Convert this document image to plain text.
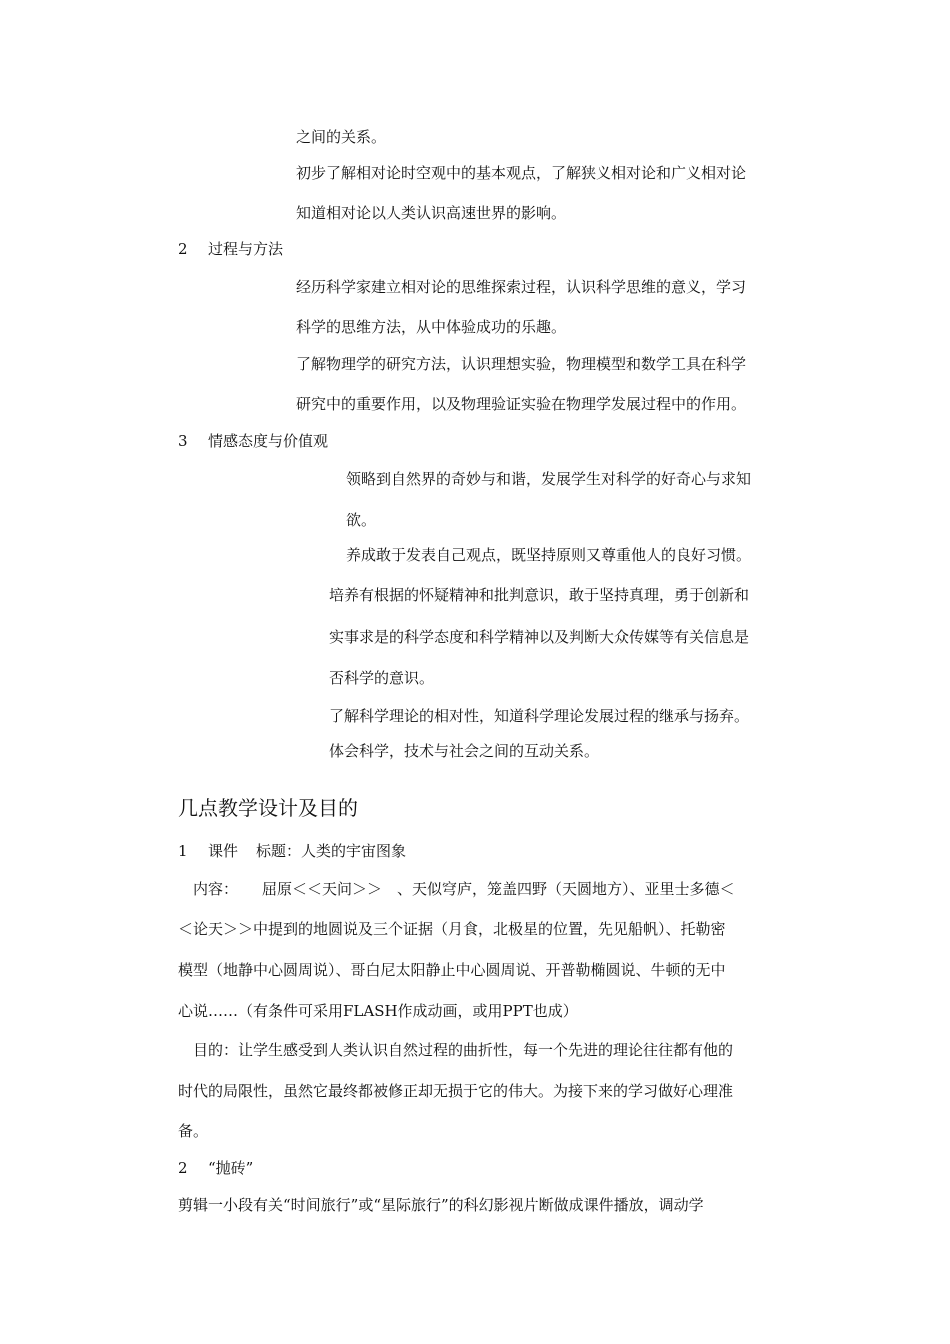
之间的关系。
初步了解相对论时空观中的基本观点，了解狭义相对论和广义相对论
知道相对论以人类认识高速世界的影响。
2 过程与方法
经历科学家建立相对论的思维探索过程，认识科学思维的意义，学习
科学的思维方法，从中体验成功的乐趣。
了解物理学的研究方法，认识理想实验，物理模型和数学工具在科学
研究中的重要作用，以及物理验证实验在物理学发展过程中的作用。
3 情感态度与价值观
领略到自然界的奇妙与和谐，发展学生对科学的好奇心与求知
欲。
养成敢于发表自己观点，既坚持原则又尊重他人的良好习惯。
培养有根据的怀疑精神和批判意识，敢于坚持真理，勇于创新和
实事求是的科学态度和科学精神以及判断大众传媒等有关信息是
否科学的意识。
了解科学理论的相对性，知道科学理论发展过程的继承与扬弃。
体会科学，技术与社会之间的互动关系。
几点教学设计及目的
1 课件 标题：人类的宇宙图象
内容： 屈原＜＜天问＞＞　、天似穹庐，笼盖四野（天圆地方）、亚里士多德＜
＜论天＞＞中提到的地圆说及三个证据（月食，北极星的位置，先见船帆）、托勒密
模型（地静中心圆周说）、哥白尼太阳静止中心圆周说、开普勒椭圆说、牛顿的无中
心说……（有条件可采用FLASH作成动画，或用PPT也成）
目的：让学生感受到人类认识自然过程的曲折性，每一个先进的理论往往都有他的
时代的局限性，虽然它最终都被修正却无损于它的伟大。为接下来的学习做好心理准
备。
2 “抛砖”
剪辑一小段有关“时间旅行”或“星际旅行”的科幻影视片断做成课件播放，调动学
